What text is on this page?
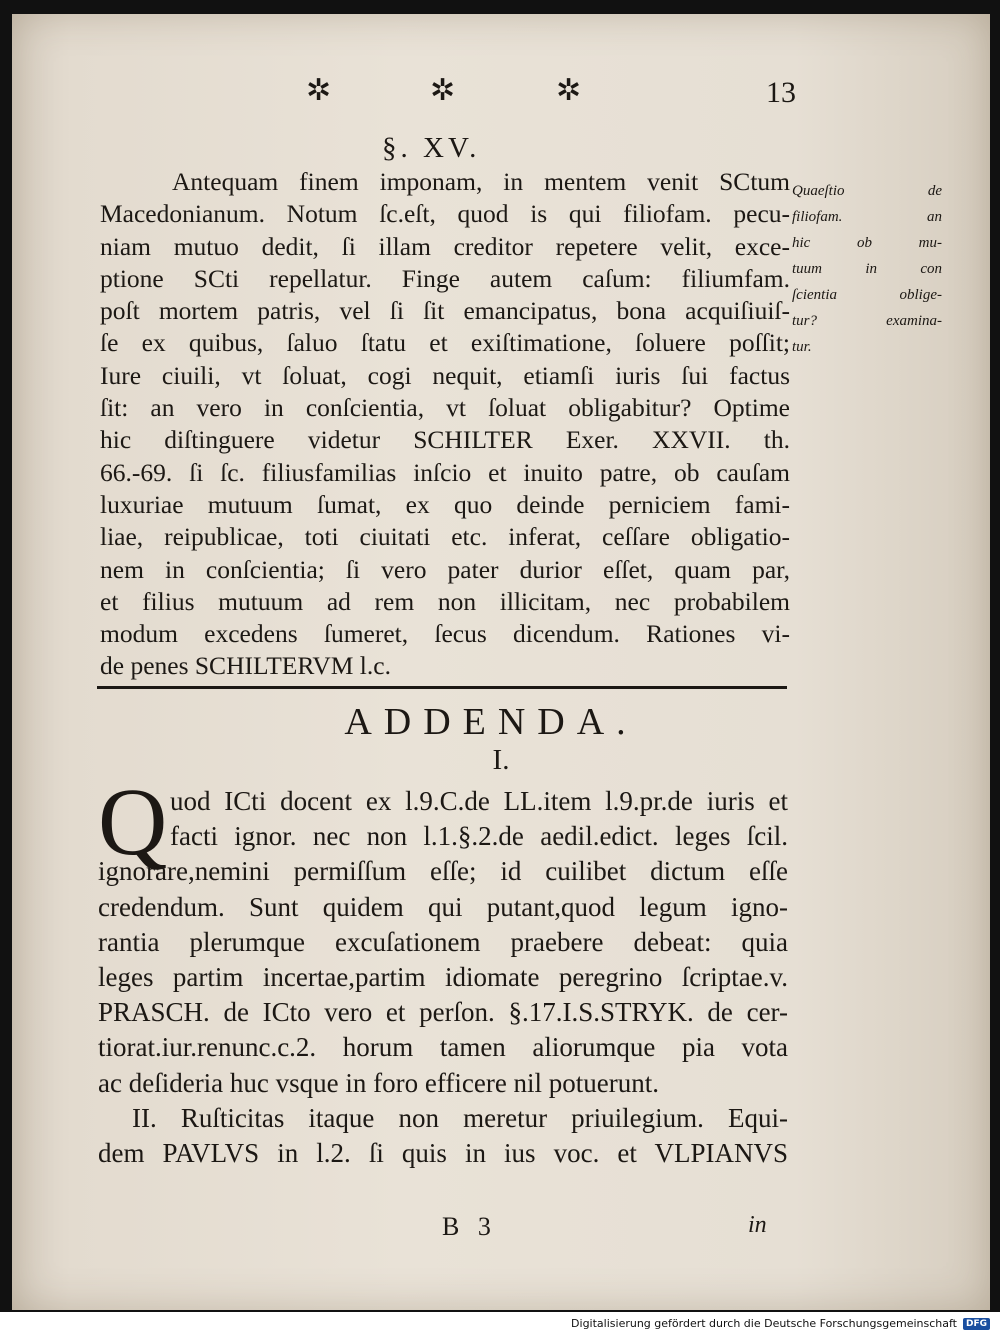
✲	✲	✲	13
§. XV.
Antequam finem imponam, in mentem venit SCtum
Macedonianum. Notum ſc.eſt, quod is qui filiofam. pecu-
niam mutuo dedit, ſi illam creditor repetere velit, exce-
ptione SCti repellatur. Finge autem caſum: filiumfam.
poſt mortem patris, vel ſi ſit emancipatus, bona acquiſiuiſ-
ſe ex quibus, ſaluo ſtatu et exiſtimatione, ſoluere poſſit;
Iure ciuili, vt ſoluat, cogi nequit, etiamſi iuris ſui factus
ſit: an vero in conſcientia, vt ſoluat obligabitur? Optime
hic diſtinguere videtur SCHILTER Exer. XXVII. th.
66.-69. ſi ſc. filiusfamilias inſcio et inuito patre, ob cauſam
luxuriae mutuum ſumat, ex quo deinde perniciem fami-
liae, reipublicae, toti ciuitati etc. inferat, ceſſare obligatio-
nem in conſcientia; ſi vero pater durior eſſet, quam par,
et filius mutuum ad rem non illicitam, nec probabilem
modum excedens ſumeret, ſecus dicendum. Rationes vi-
de penes SCHILTERVM l.c.
Quaeſtio de
filiofam. an
hic ob mu-
tuum in con
ſcientia oblige-
tur? examina-
tur.
ADDENDA.
I.
Q uod ICti docent ex l.9.C.de LL.item l.9.pr.de iuris et
facti ignor. nec non l.1.§.2.de aedil.edict. leges ſcil.
ignorare,nemini permiſſum eſſe; id cuilibet dictum eſſe
credendum. Sunt quidem qui putant,quod legum igno-
rantia plerumque excuſationem praebere debeat: quia
leges partim incertae,partim idiomate peregrino ſcriptae.v.
PRASCH. de ICto vero et perſon. §.17.I.S.STRYK. de cer-
tiorat.iur.renunc.c.2. horum tamen aliorumque pia vota
ac deſideria huc vsque in foro efficere nil potuerunt.
II. Ruſticitas itaque non meretur priuilegium. Equi-
dem PAVLVS in l.2. ſi quis in ius voc. et VLPIANVS
B 3	in
Digitalisierung gefördert durch die Deutsche Forschungsgemeinschaft	DFG
